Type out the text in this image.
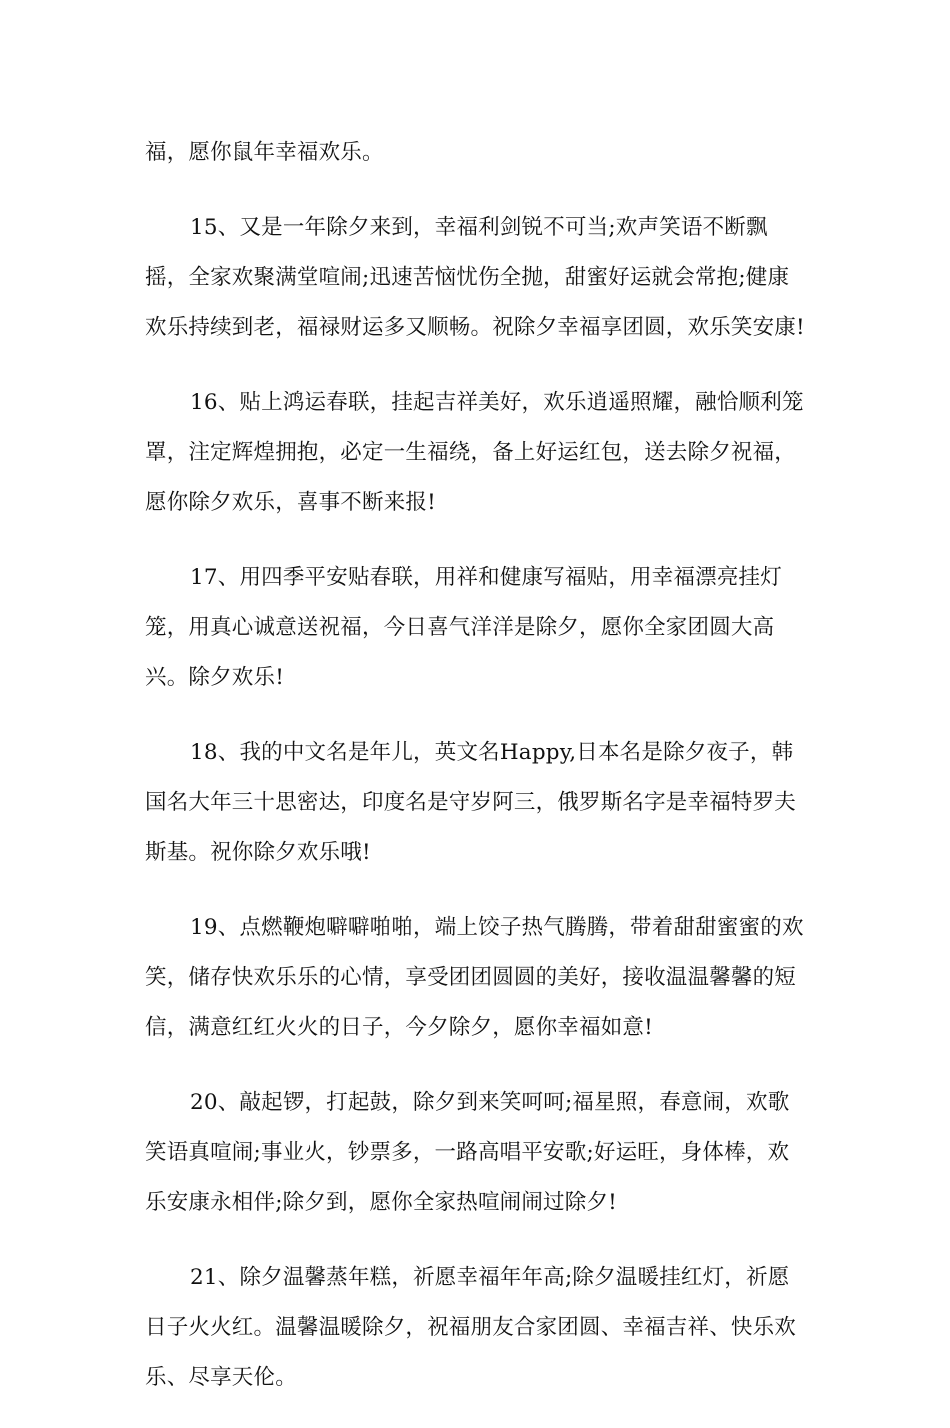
福，愿你鼠年幸福欢乐。

15、又是一年除夕来到，幸福利剑锐不可当;欢声笑语不断飘摇，全家欢聚满堂喧闹;迅速苦恼忧伤全抛，甜蜜好运就会常抱;健康欢乐持续到老，福禄财运多又顺畅。祝除夕幸福享团圆，欢乐笑安康!

16、贴上鸿运春联，挂起吉祥美好，欢乐逍遥照耀，融恰顺利笼罩，注定辉煌拥抱，必定一生福绕，备上好运红包，送去除夕祝福，愿你除夕欢乐，喜事不断来报!

17、用四季平安贴春联，用祥和健康写福贴，用幸福漂亮挂灯笼，用真心诚意送祝福，今日喜气洋洋是除夕，愿你全家团圆大高兴。除夕欢乐!

18、我的中文名是年儿，英文名Happy,日本名是除夕夜子，韩国名大年三十思密达，印度名是守岁阿三，俄罗斯名字是幸福特罗夫斯基。祝你除夕欢乐哦!

19、点燃鞭炮噼噼啪啪，端上饺子热气腾腾，带着甜甜蜜蜜的欢笑，储存快欢乐乐的心情，享受团团圆圆的美好，接收温温馨馨的短信，满意红红火火的日子，今夕除夕，愿你幸福如意!

20、敲起锣，打起鼓，除夕到来笑呵呵;福星照，春意闹，欢歌笑语真喧闹;事业火，钞票多，一路高唱平安歌;好运旺，身体棒，欢乐安康永相伴;除夕到，愿你全家热喧闹闹过除夕!

21、除夕温馨蒸年糕，祈愿幸福年年高;除夕温暖挂红灯，祈愿日子火火红。温馨温暖除夕，祝福朋友合家团圆、幸福吉祥、快乐欢乐、尽享天伦。
